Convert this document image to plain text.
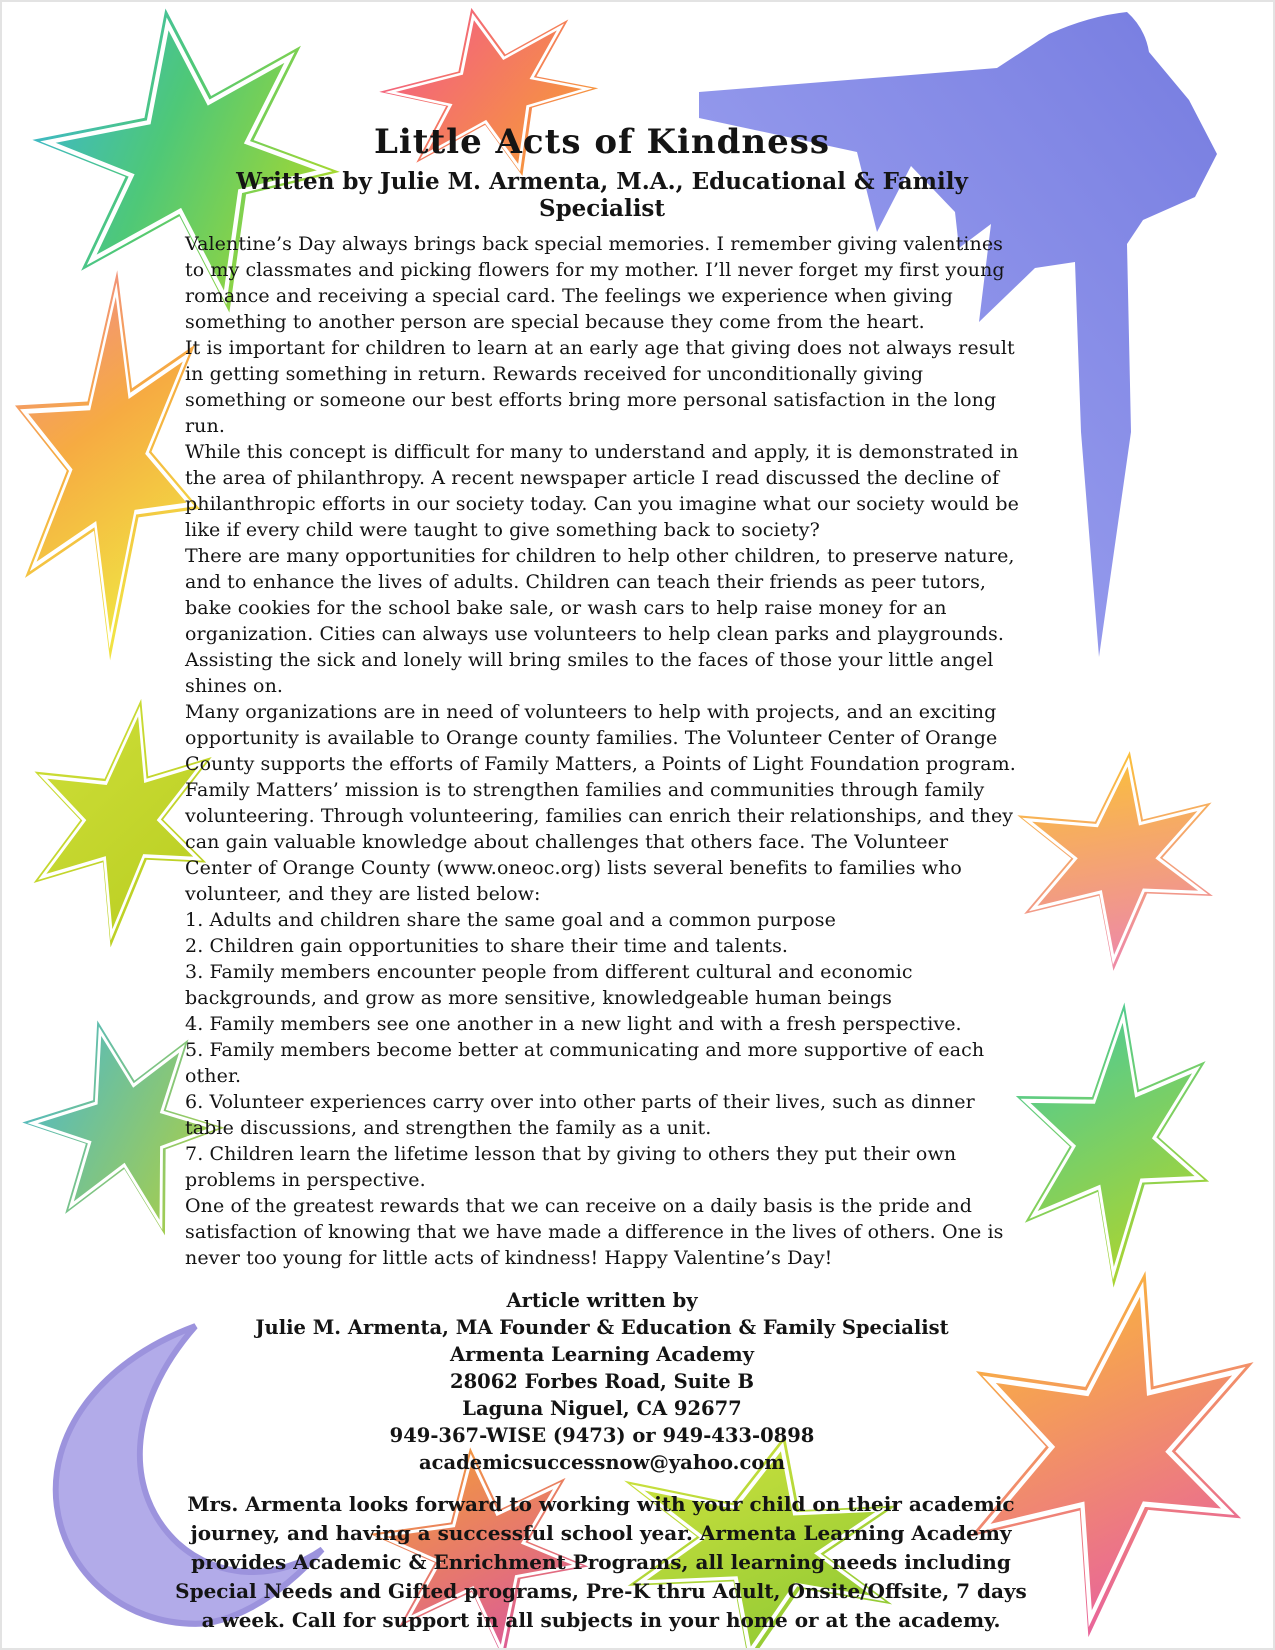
Little Acts of Kindness
Written by Julie M. Armenta, M.A., Educational & Family Specialist

Valentine’s Day always brings back special memories. I remember giving valentines to my classmates and picking flowers for my mother. I’ll never forget my first young romance and receiving a special card. The feelings we experience when giving something to another person are special because they come from the heart.

It is important for children to learn at an early age that giving does not always result in getting something in return. Rewards received for unconditionally giving something or someone our best efforts bring more personal satisfaction in the long run.

While this concept is difficult for many to understand and apply, it is demonstrated in the area of philanthropy. A recent newspaper article I read discussed the decline of philanthropic efforts in our society today. Can you imagine what our society would be like if every child were taught to give something back to society?

There are many opportunities for children to help other children, to preserve nature, and to enhance the lives of adults. Children can teach their friends as peer tutors, bake cookies for the school bake sale, or wash cars to help raise money for an organization. Cities can always use volunteers to help clean parks and playgrounds. Assisting the sick and lonely will bring smiles to the faces of those your little angel shines on.

Many organizations are in need of volunteers to help with projects, and an exciting opportunity is available to Orange county families. The Volunteer Center of Orange County supports the efforts of Family Matters, a Points of Light Foundation program. Family Matters’ mission is to strengthen families and communities through family volunteering. Through volunteering, families can enrich their relationships, and they can gain valuable knowledge about challenges that others face. The Volunteer Center of Orange County (www.oneoc.org) lists several benefits to families who volunteer, and they are listed below:

1. Adults and children share the same goal and a common purpose

2. Children gain opportunities to share their time and talents.

3. Family members encounter people from different cultural and economic backgrounds, and grow as more sensitive, knowledgeable human beings

4. Family members see one another in a new light and with a fresh perspective.

5. Family members become better at communicating and more supportive of each other.

6. Volunteer experiences carry over into other parts of their lives, such as dinner table discussions, and strengthen the family as a unit.

7. Children learn the lifetime lesson that by giving to others they put their own problems in perspective.

One of the greatest rewards that we can receive on a daily basis is the pride and satisfaction of knowing that we have made a difference in the lives of others. One is never too young for little acts of kindness! Happy Valentine’s Day!

Article written by

Julie M. Armenta, MA Founder & Education & Family Specialist

Armenta Learning Academy

28062 Forbes Road, Suite B

Laguna Niguel, CA 92677

949-367-WISE (9473) or 949-433-0898

academicsuccessnow@yahoo.com

Mrs. Armenta looks forward to working with your child on their academic journey, and having a successful school year. Armenta Learning Academy provides Academic & Enrichment Programs, all learning needs including Special Needs and Gifted programs, Pre-K thru Adult, Onsite/Offsite, 7 days a week. Call for support in all subjects in your home or at the academy.
